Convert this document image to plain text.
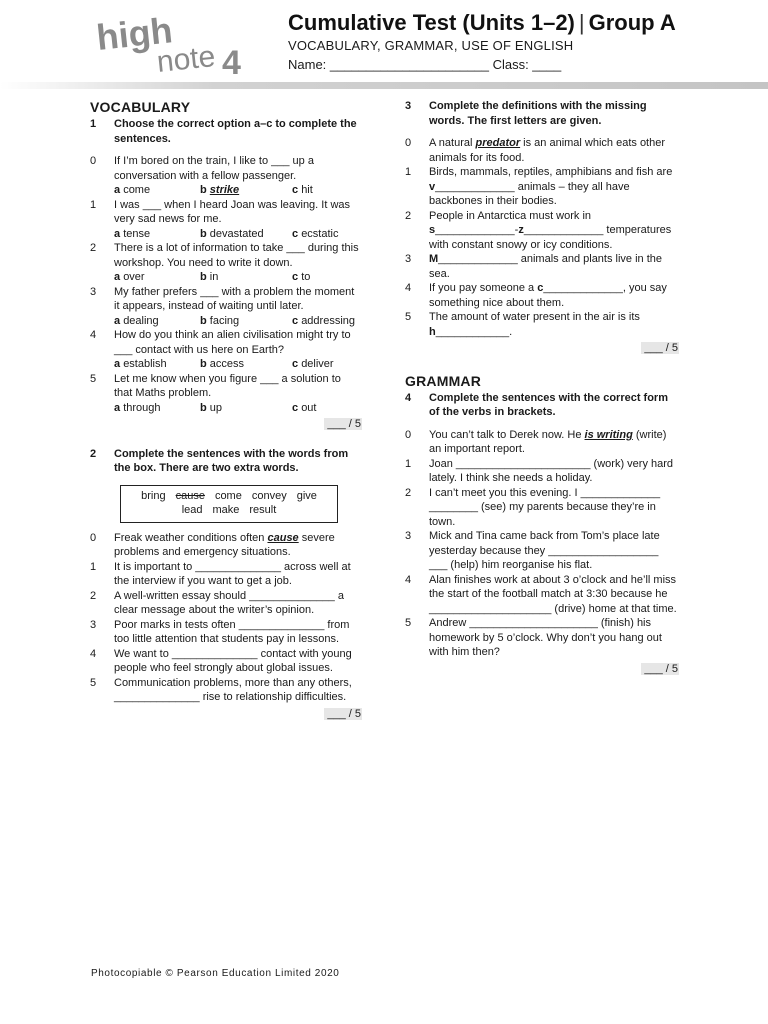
high
note 4
Cumulative Test (Units 1–2) | Group A
VOCABULARY, GRAMMAR, USE OF ENGLISH
Name: ______________________ Class: ____
VOCABULARY
1	Choose the correct option a–c to complete the sentences.
0	If I’m bored on the train, I like to ___ up a conversation with a fellow passenger.
a come	b strike	c hit
1	I was ___ when I heard Joan was leaving. It was very sad news for me.
a tense	b devastated	c ecstatic
2	There is a lot of information to take ___ during this workshop. You need to write it down.
a over	b in	c to
3	My father prefers ___ with a problem the moment it appears, instead of waiting until later.
a dealing	b facing	c addressing
4	How do you think an alien civilisation might try to ___ contact with us here on Earth?
a establish	b access	c deliver
5	Let me know when you figure ___ a solution to that Maths problem.
a through	b up	c out
___ / 5
2	Complete the sentences with the words from the box. There are two extra words.
bring cause come convey give
lead make result
0	Freak weather conditions often cause severe problems and emergency situations.
1	It is important to ______________ across well at the interview if you want to get a job.
2	A well-written essay should ______________ a clear message about the writer’s opinion.
3	Poor marks in tests often ______________ from too little attention that students pay in lessons.
4	We want to ______________ contact with young people who feel strongly about global issues.
5	Communication problems, more than any others, ______________ rise to relationship difficulties.
___ / 5
3	Complete the definitions with the missing words. The first letters are given.
0	A natural predator is an animal which eats other animals for its food.
1	Birds, mammals, reptiles, amphibians and fish are v_____________ animals – they all have backbones in their bodies.
2	People in Antarctica must work in s_____________-z_____________ temperatures with constant snowy or icy conditions.
3	M_____________ animals and plants live in the sea.
4	If you pay someone a c_____________, you say something nice about them.
5	The amount of water present in the air is its h____________.
___ / 5
GRAMMAR
4	Complete the sentences with the correct form of the verbs in brackets.
0	You can’t talk to Derek now. He is writing (write) an important report.
1	Joan ______________________ (work) very hard lately. I think she needs a holiday.
2	I can’t meet you this evening. I _____________ ________ (see) my parents because they’re in town.
3	Mick and Tina came back from Tom’s place late yesterday because they __________________ ___ (help) him reorganise his flat.
4	Alan finishes work at about 3 o’clock and he’ll miss the start of the football match at 3:30 because he ____________________ (drive) home at that time.
5	Andrew _____________________ (finish) his homework by 5 o’clock. Why don’t you hang out with him then?
___ / 5
Photocopiable © Pearson Education Limited 2020
